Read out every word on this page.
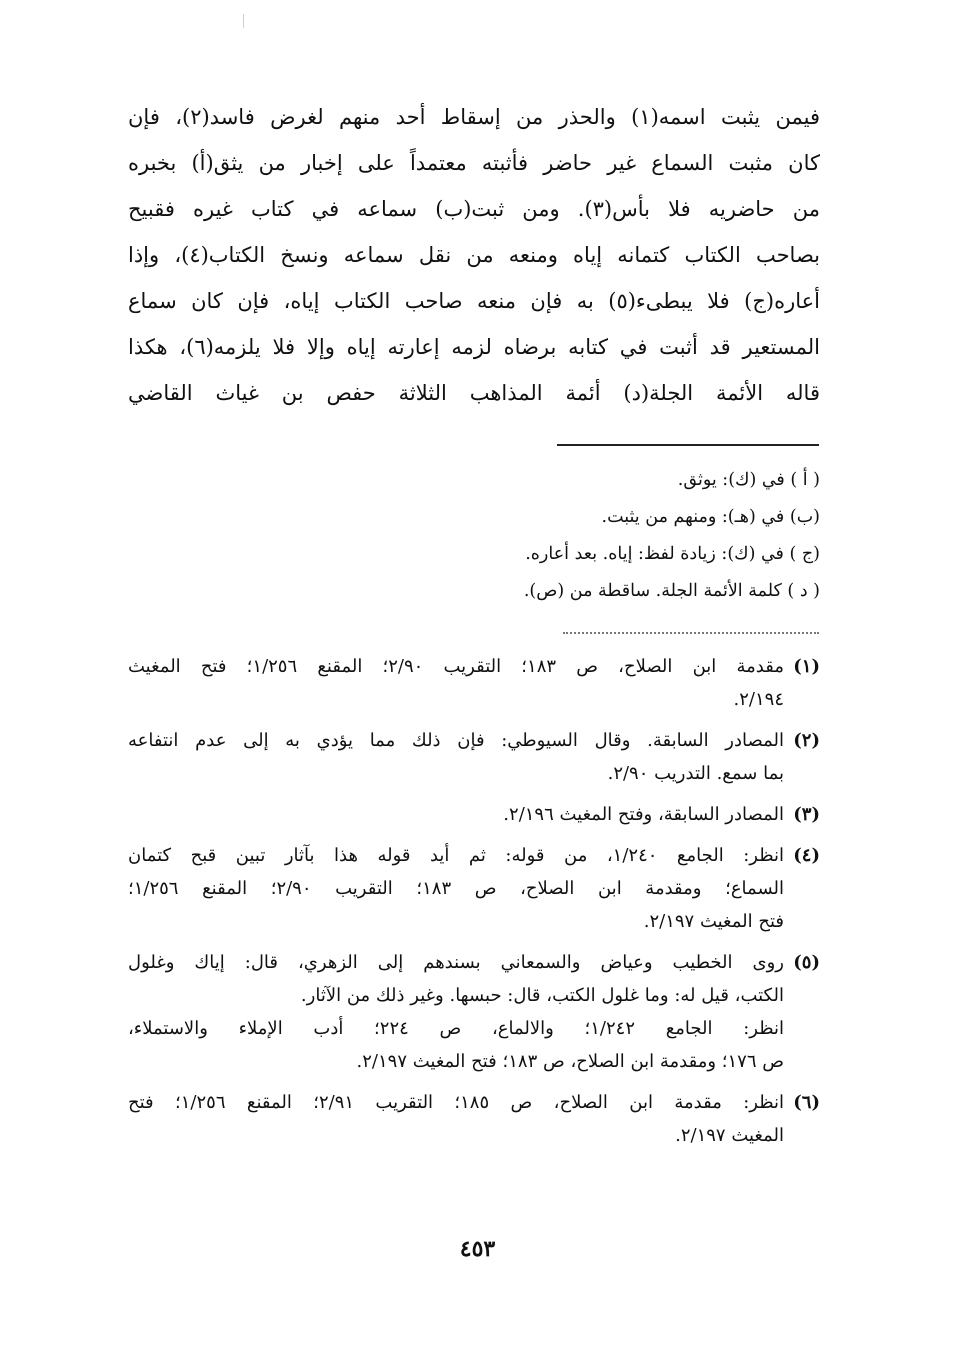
فيمن يثبت اسمه(١) والحذر من إسقاط أحد منهم لغرض فاسد(٢)، فإن
كان مثبت السماع غير حاضر فأثبته معتمداً على إخبار من يثق(أ) بخبره
من حاضريه فلا بأس(٣). ومن ثبت(ب) سماعه في كتاب غيره فقبيح
بصاحب الكتاب كتمانه إياه ومنعه من نقل سماعه ونسخ الكتاب(٤)، وإذا
أعاره(ج) فلا يبطىء(٥) به فإن منعه صاحب الكتاب إياه، فإن كان سماع
المستعير قد أثبت في كتابه برضاه لزمه إعارته إياه وإلا فلا يلزمه(٦)، هكذا
قاله الأئمة الجلة(د) أئمة المذاهب الثلاثة حفص بن غياث القاضي
( أ ) في (ك): يوثق.
(ب) في (هـ): ومنهم من يثبت.
(ج ) في (ك): زيادة لفظ: إياه. بعد أعاره.
( د ) كلمة الأئمة الجلة. ساقطة من (ص).
(١)
مقدمة ابن الصلاح، ص ١٨٣؛ التقريب ٢/٩٠؛ المقنع ١/٢٥٦؛ فتح المغيث
٢/١٩٤.
(٢)
المصادر السابقة. وقال السيوطي: فإن ذلك مما يؤدي به إلى عدم انتفاعه
بما سمع. التدريب ٢/٩٠.
(٣)
المصادر السابقة، وفتح المغيث ٢/١٩٦.
(٤)
انظر: الجامع ١/٢٤٠، من قوله: ثم أيد قوله هذا بآثار تبين قبح كتمان
السماع؛ ومقدمة ابن الصلاح، ص ١٨٣؛ التقريب ٢/٩٠؛ المقنع ١/٢٥٦؛
فتح المغيث ٢/١٩٧.
(٥)
روى الخطيب وعياض والسمعاني بسندهم إلى الزهري، قال: إياك وغلول
الكتب، قيل له: وما غلول الكتب، قال: حبسها. وغير ذلك من الآثار.
انظر: الجامع ١/٢٤٢؛ والالماع، ص ٢٢٤؛ أدب الإملاء والاستملاء،
ص ١٧٦؛ ومقدمة ابن الصلاح، ص ١٨٣؛ فتح المغيث ٢/١٩٧.
(٦)
انظر: مقدمة ابن الصلاح، ص ١٨٥؛ التقريب ٢/٩١؛ المقنع ١/٢٥٦؛ فتح
المغيث ٢/١٩٧.
٤٥٣
